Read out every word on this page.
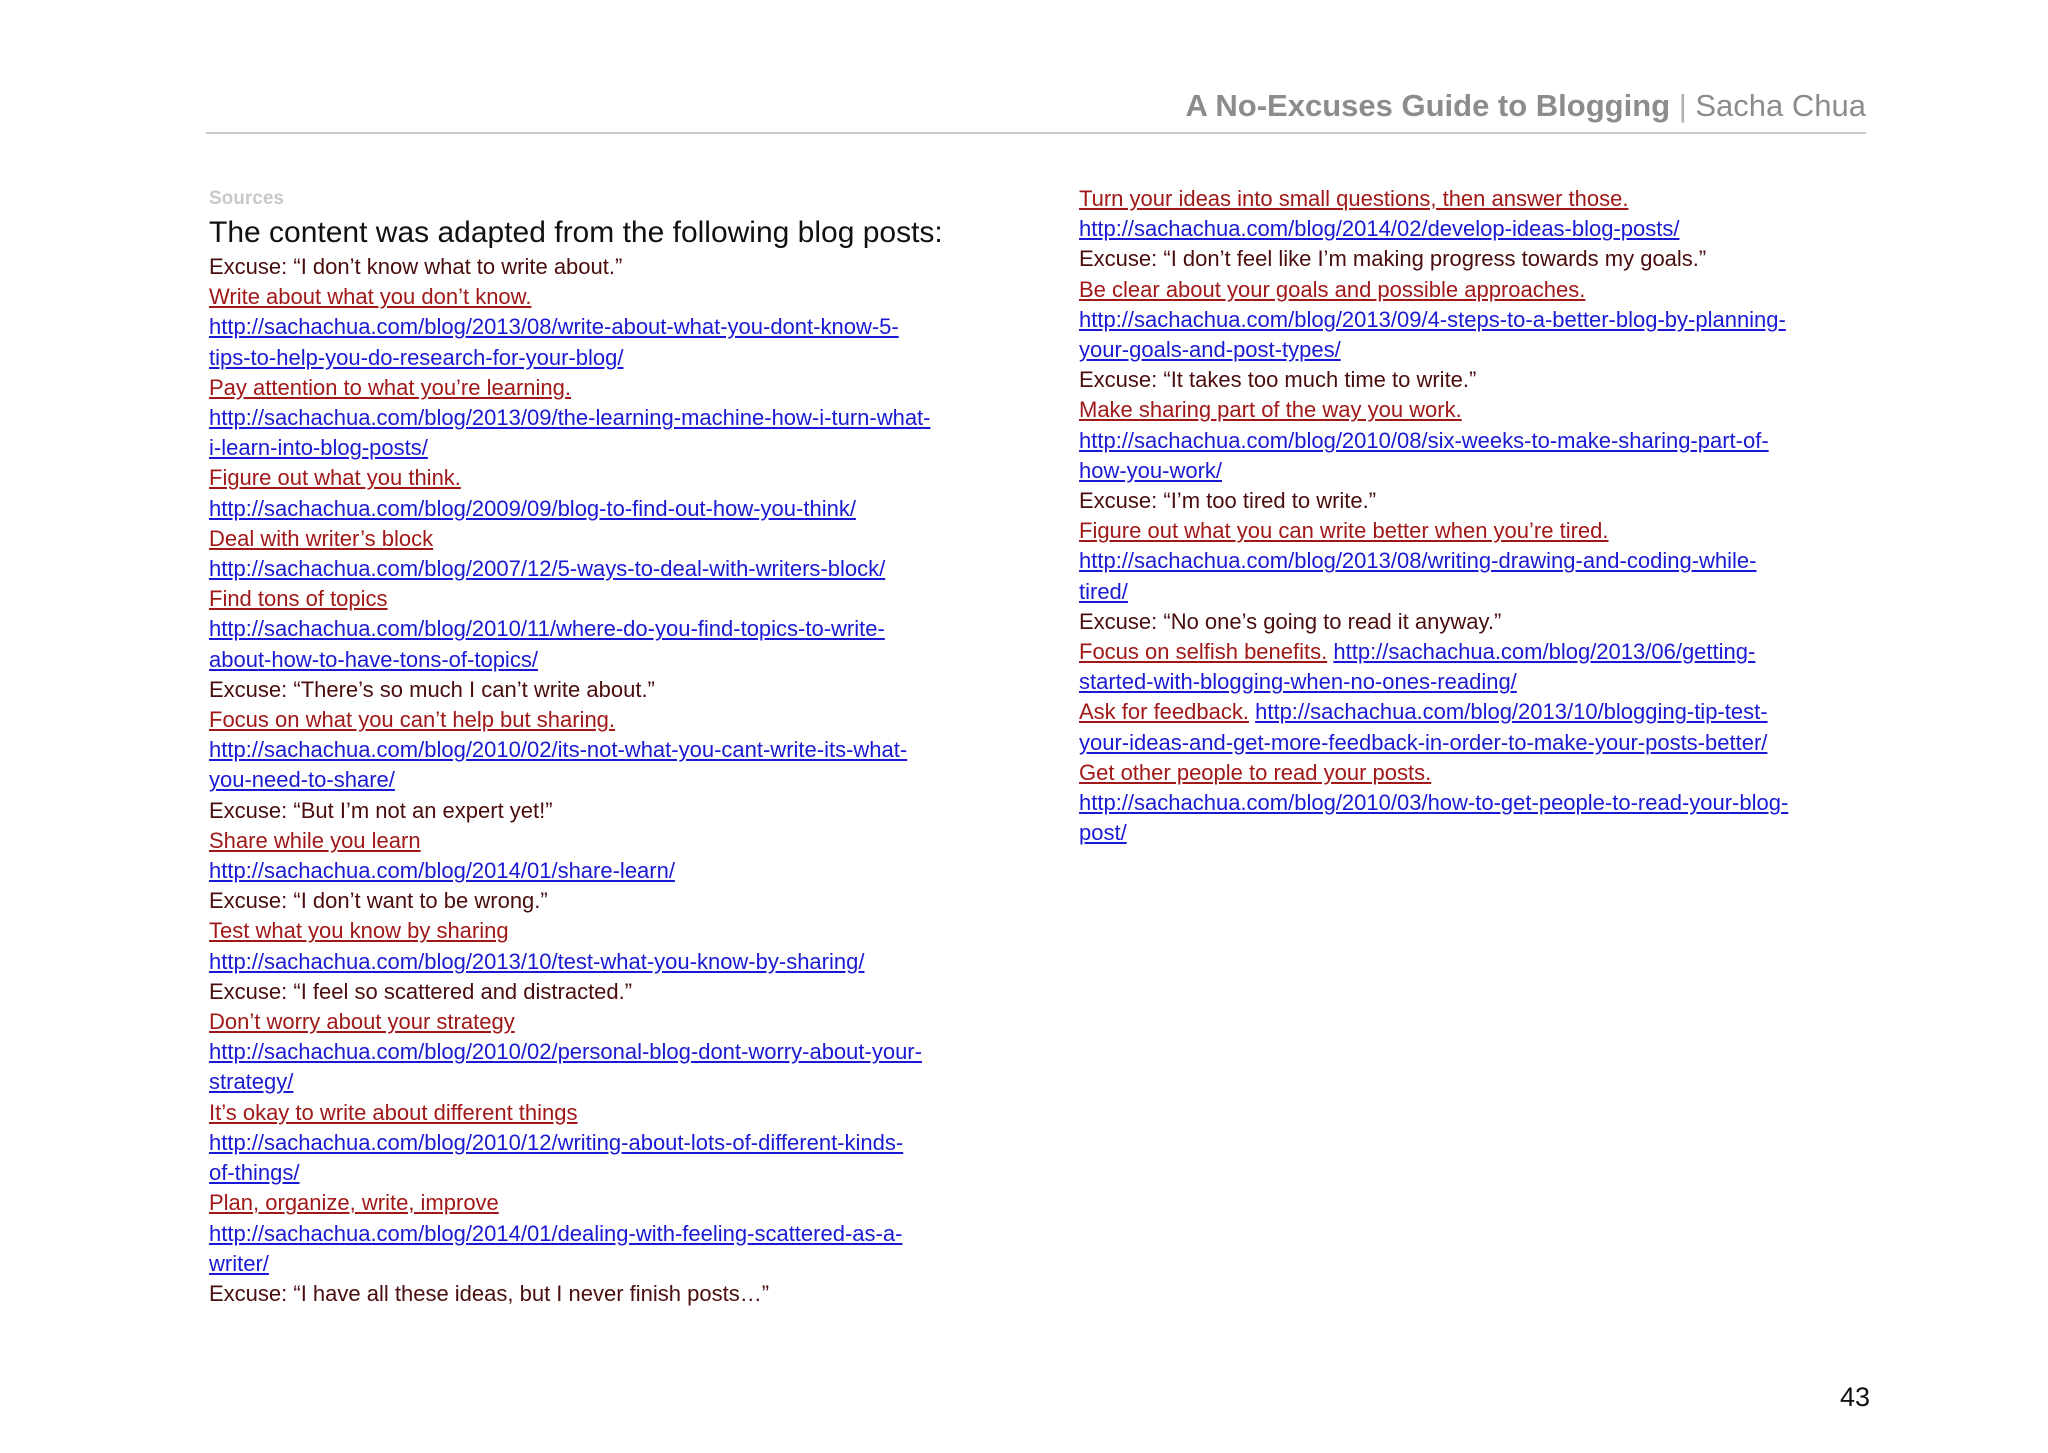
A No-Excuses Guide to Blogging | Sacha Chua
Sources
The content was adapted from the following blog posts:
Excuse: “I don’t know what to write about.”
Write about what you don’t know.
http://sachachua.com/blog/2013/08/write-about-what-you-dont-know-5-
tips-to-help-you-do-research-for-your-blog/
Pay attention to what you’re learning.
http://sachachua.com/blog/2013/09/the-learning-machine-how-i-turn-what-
i-learn-into-blog-posts/
Figure out what you think.
http://sachachua.com/blog/2009/09/blog-to-find-out-how-you-think/
Deal with writer’s block
http://sachachua.com/blog/2007/12/5-ways-to-deal-with-writers-block/
Find tons of topics
http://sachachua.com/blog/2010/11/where-do-you-find-topics-to-write-
about-how-to-have-tons-of-topics/
Excuse: “There’s so much I can’t write about.”
Focus on what you can’t help but sharing.
http://sachachua.com/blog/2010/02/its-not-what-you-cant-write-its-what-
you-need-to-share/
Excuse: “But I’m not an expert yet!”
Share while you learn
http://sachachua.com/blog/2014/01/share-learn/
Excuse: “I don’t want to be wrong.”
Test what you know by sharing
http://sachachua.com/blog/2013/10/test-what-you-know-by-sharing/
Excuse: “I feel so scattered and distracted.”
Don’t worry about your strategy
http://sachachua.com/blog/2010/02/personal-blog-dont-worry-about-your-
strategy/
It’s okay to write about different things
http://sachachua.com/blog/2010/12/writing-about-lots-of-different-kinds-
of-things/
Plan, organize, write, improve
http://sachachua.com/blog/2014/01/dealing-with-feeling-scattered-as-a-
writer/
Excuse: “I have all these ideas, but I never finish posts…”
Turn your ideas into small questions, then answer those.
http://sachachua.com/blog/2014/02/develop-ideas-blog-posts/
Excuse: “I don’t feel like I’m making progress towards my goals.”
Be clear about your goals and possible approaches.
http://sachachua.com/blog/2013/09/4-steps-to-a-better-blog-by-planning-
your-goals-and-post-types/
Excuse: “It takes too much time to write.”
Make sharing part of the way you work.
http://sachachua.com/blog/2010/08/six-weeks-to-make-sharing-part-of-
how-you-work/
Excuse: “I’m too tired to write.”
Figure out what you can write better when you’re tired.
http://sachachua.com/blog/2013/08/writing-drawing-and-coding-while-
tired/
Excuse: “No one’s going to read it anyway.”
Focus on selfish benefits. http://sachachua.com/blog/2013/06/getting-
started-with-blogging-when-no-ones-reading/
Ask for feedback. http://sachachua.com/blog/2013/10/blogging-tip-test-
your-ideas-and-get-more-feedback-in-order-to-make-your-posts-better/
Get other people to read your posts.
http://sachachua.com/blog/2010/03/how-to-get-people-to-read-your-blog-
post/
43
